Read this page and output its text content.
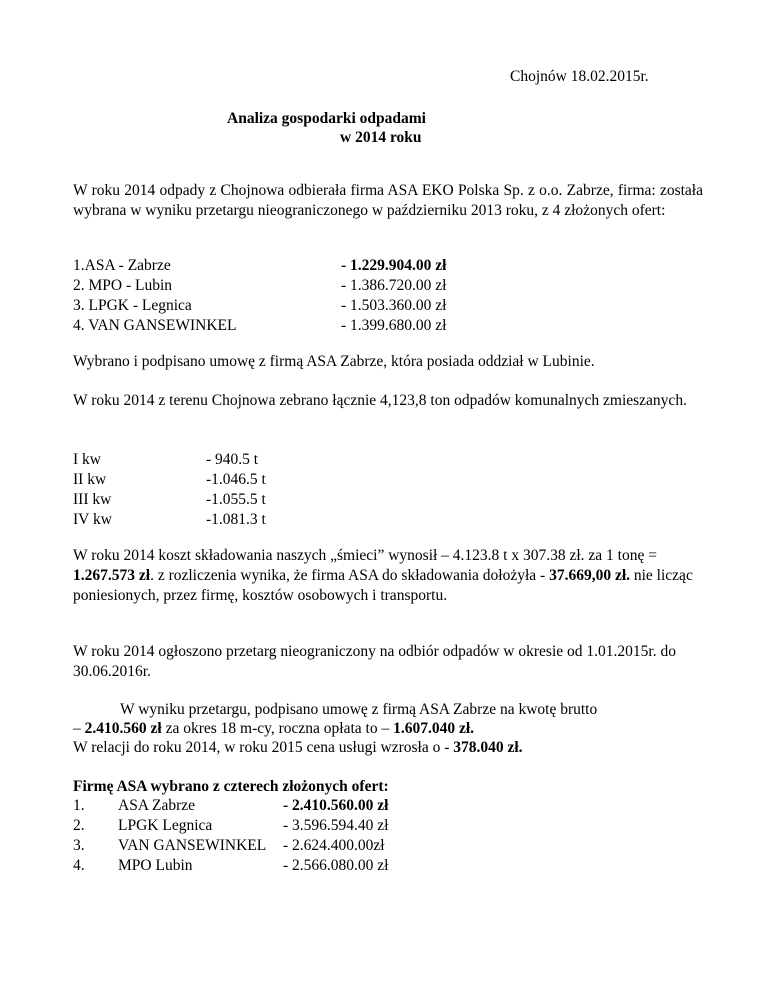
Chojnów 18.02.2015r.
Analiza gospodarki odpadami
w 2014 roku
W roku 2014 odpady z Chojnowa odbierała firma ASA EKO Polska Sp. z o.o. Zabrze, firma: została wybrana w wyniku przetargu nieograniczonego w październiku 2013 roku, z 4 złożonych ofert:
1.ASA - Zabrze	- 1.229.904.00 zł
2. MPO - Lubin	- 1.386.720.00 zł
3. LPGK - Legnica	- 1.503.360.00 zł
4. VAN GANSEWINKEL	- 1.399.680.00 zł
Wybrano i podpisano umowę z firmą ASA Zabrze, która posiada oddział w Lubinie.
W roku 2014 z terenu Chojnowa zebrano łącznie 4,123,8 ton odpadów komunalnych zmieszanych.
I kw	- 940.5 t
II kw	-1.046.5 t
III kw	-1.055.5 t
IV kw	-1.081.3 t
W roku 2014 koszt składowania naszych „śmieci” wynosił – 4.123.8 t x 307.38 zł. za 1 tonę = 1.267.573 zł. z rozliczenia wynika, że firma ASA do składowania dołożyła - 37.669,00 zł. nie licząc poniesionych, przez firmę, kosztów osobowych i transportu.
W roku 2014 ogłoszono przetarg nieograniczony na odbiór odpadów w okresie od 1.01.2015r. do 30.06.2016r.
W wyniku przetargu, podpisano umowę z firmą ASA Zabrze na kwotę brutto
– 2.410.560 zł za okres 18 m-cy, roczna opłata to – 1.607.040 zł.
W relacji do roku 2014, w roku 2015 cena usługi wzrosła o - 378.040 zł.
Firmę ASA wybrano z czterech złożonych ofert:
1. ASA Zabrze	- 2.410.560.00 zł
2. LPGK Legnica	- 3.596.594.40 zł
3. VAN GANSEWINKEL - 2.624.400.00zł
4. MPO Lubin	- 2.566.080.00 zł
